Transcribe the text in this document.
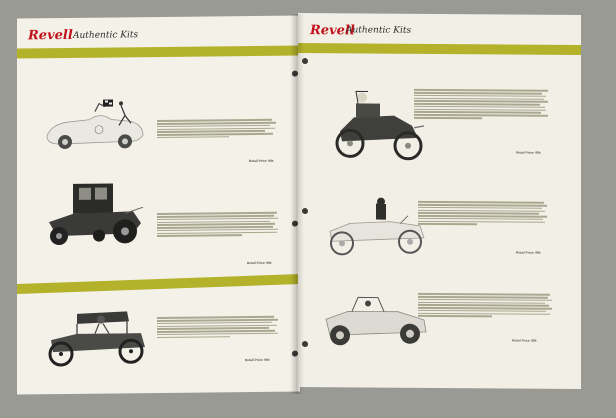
Revell Authentic Kits
Retail Price: 98¢
Retail Price: 98¢
Retail Price: 98¢
Revell
Authentic Kits
Retail Price: 98¢
Retail Price: 98¢
Retail Price: 98¢
